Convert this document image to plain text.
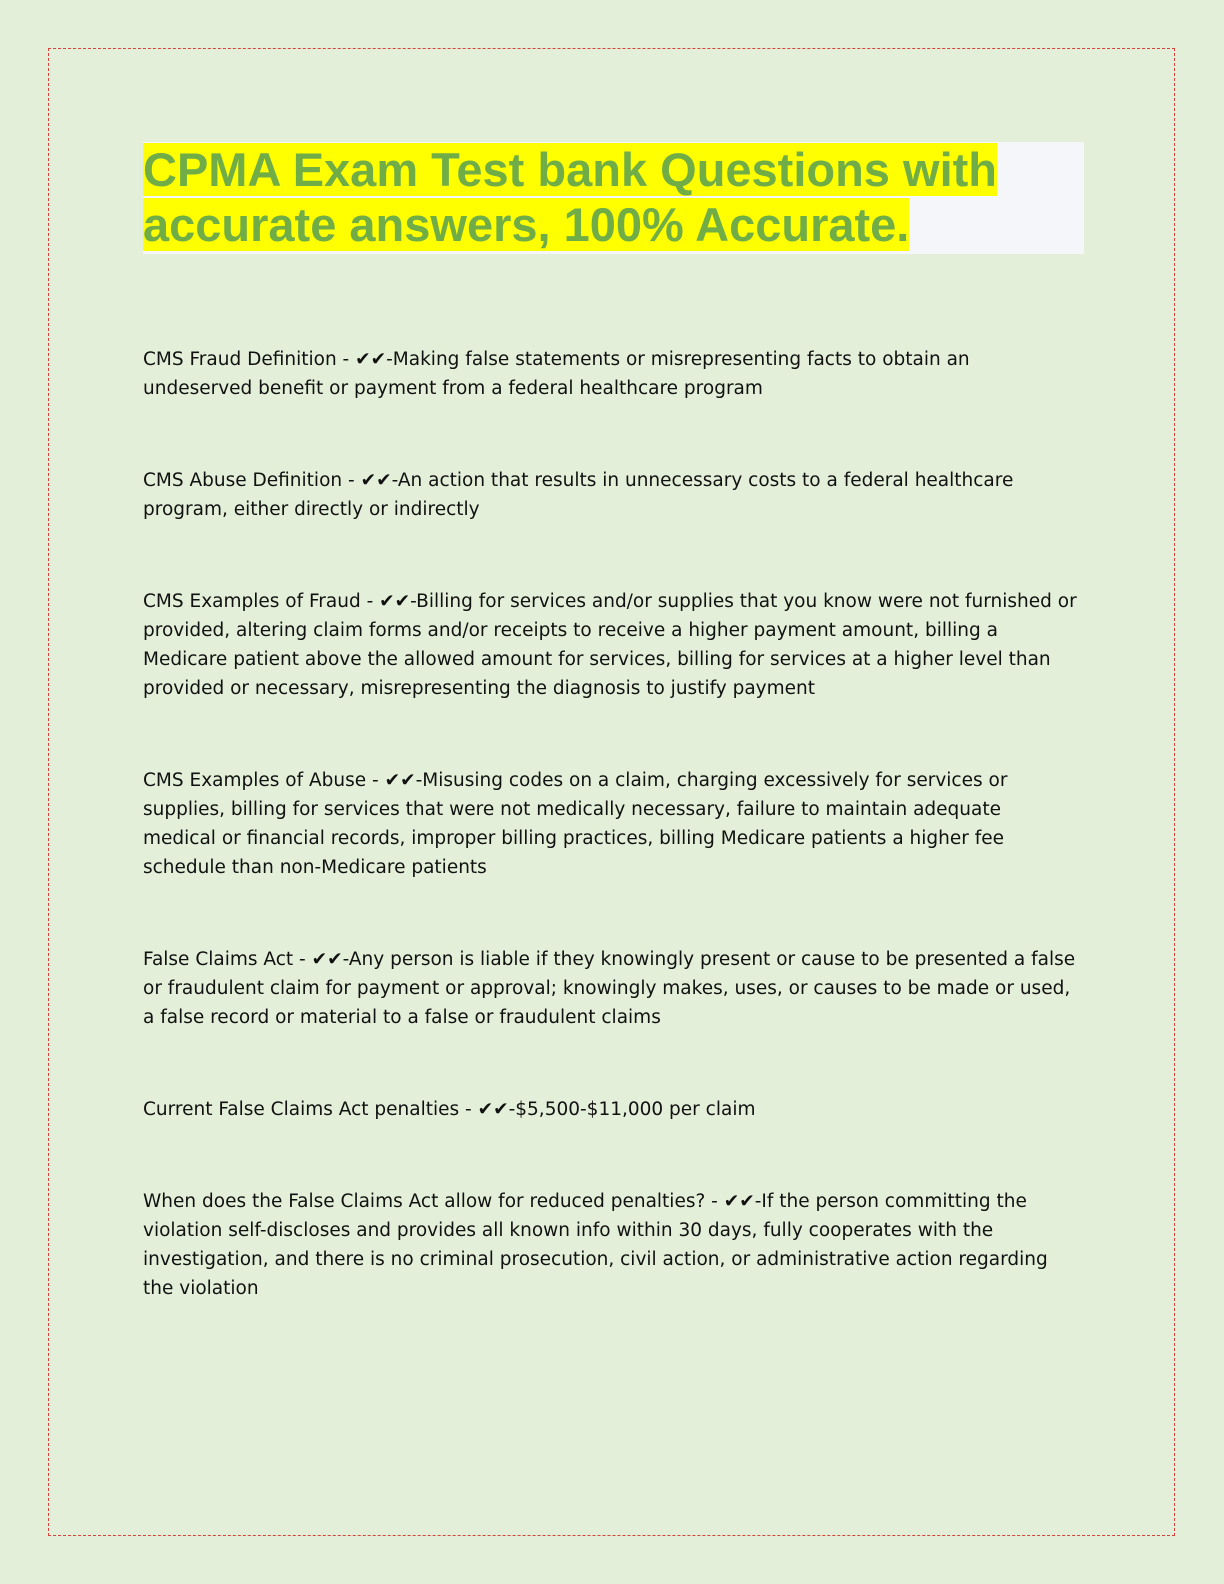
CPMA Exam Test bank Questions with accurate answers, 100% Accurate.

CMS Fraud Definition - ✔✔-Making false statements or misrepresenting facts to obtain an undeserved benefit or payment from a federal healthcare program

CMS Abuse Definition - ✔✔-An action that results in unnecessary costs to a federal healthcare program, either directly or indirectly

CMS Examples of Fraud - ✔✔-Billing for services and/or supplies that you know were not furnished or provided, altering claim forms and/or receipts to receive a higher payment amount, billing a Medicare patient above the allowed amount for services, billing for services at a higher level than provided or necessary, misrepresenting the diagnosis to justify payment

CMS Examples of Abuse - ✔✔-Misusing codes on a claim, charging excessively for services or supplies, billing for services that were not medically necessary, failure to maintain adequate medical or financial records, improper billing practices, billing Medicare patients a higher fee schedule than non-Medicare patients

False Claims Act - ✔✔-Any person is liable if they knowingly present or cause to be presented a false or fraudulent claim for payment or approval; knowingly makes, uses, or causes to be made or used, a false record or material to a false or fraudulent claims

Current False Claims Act penalties - ✔✔-$5,500-$11,000 per claim

When does the False Claims Act allow for reduced penalties? - ✔✔-If the person committing the violation self-discloses and provides all known info within 30 days, fully cooperates with the investigation, and there is no criminal prosecution, civil action, or administrative action regarding the violation
